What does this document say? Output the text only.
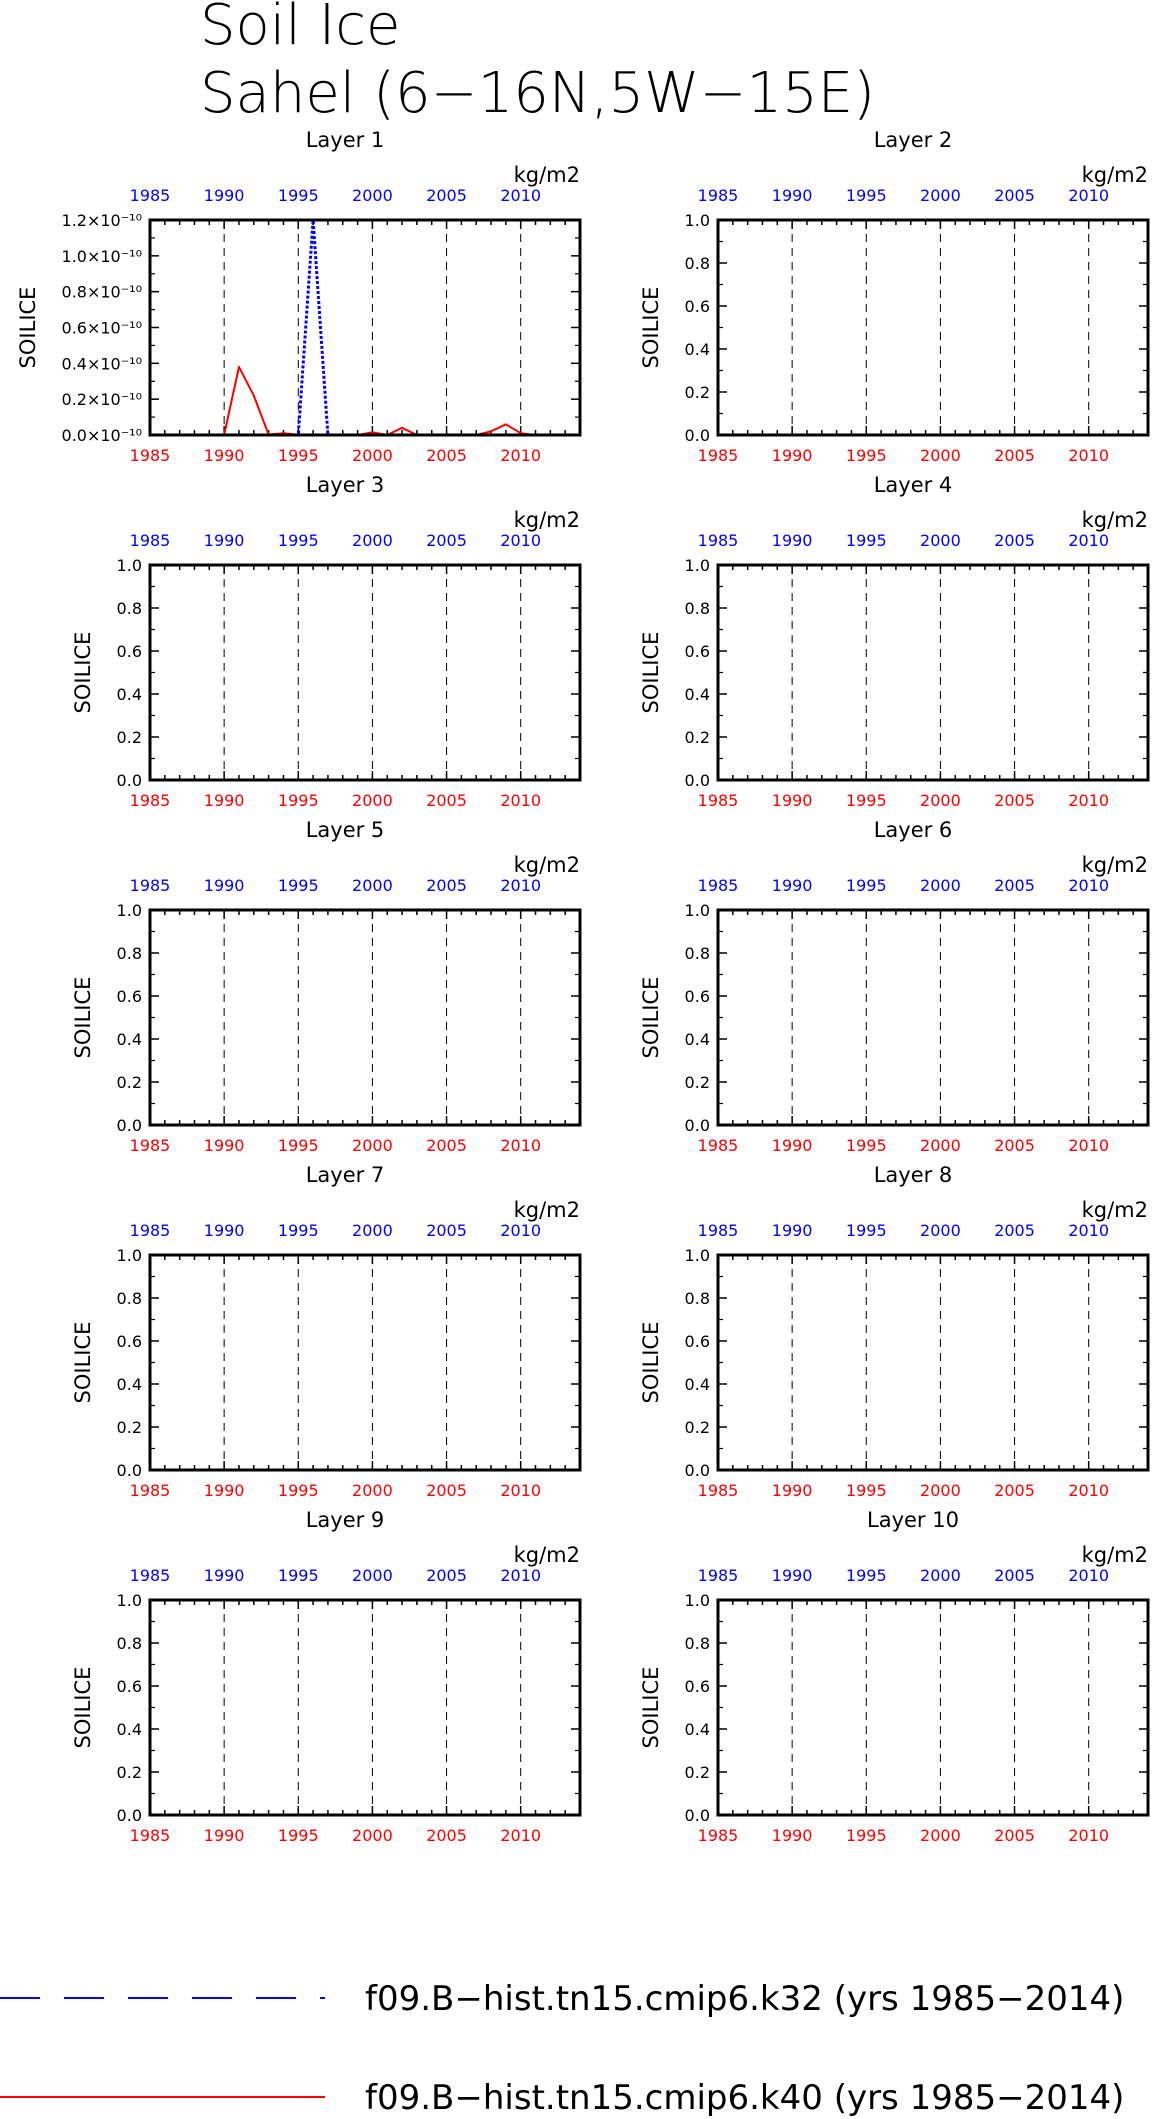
Soil Ice
Sahel (6−16N,5W−15E)
Layer 1
kg/m2
1985
1985
1990
1990
1995
1995
2000
2000
2005
2005
2010
2010
0.0×10⁻¹⁰
0.2×10⁻¹⁰
0.4×10⁻¹⁰
0.6×10⁻¹⁰
0.8×10⁻¹⁰
1.0×10⁻¹⁰
1.2×10⁻¹⁰
SOILICE
Layer 2
kg/m2
1985
1985
1990
1990
1995
1995
2000
2000
2005
2005
2010
2010
0.0
0.2
0.4
0.6
0.8
1.0
SOILICE
Layer 3
kg/m2
1985
1985
1990
1990
1995
1995
2000
2000
2005
2005
2010
2010
0.0
0.2
0.4
0.6
0.8
1.0
SOILICE
Layer 4
kg/m2
1985
1985
1990
1990
1995
1995
2000
2000
2005
2005
2010
2010
0.0
0.2
0.4
0.6
0.8
1.0
SOILICE
Layer 5
kg/m2
1985
1985
1990
1990
1995
1995
2000
2000
2005
2005
2010
2010
0.0
0.2
0.4
0.6
0.8
1.0
SOILICE
Layer 6
kg/m2
1985
1985
1990
1990
1995
1995
2000
2000
2005
2005
2010
2010
0.0
0.2
0.4
0.6
0.8
1.0
SOILICE
Layer 7
kg/m2
1985
1985
1990
1990
1995
1995
2000
2000
2005
2005
2010
2010
0.0
0.2
0.4
0.6
0.8
1.0
SOILICE
Layer 8
kg/m2
1985
1985
1990
1990
1995
1995
2000
2000
2005
2005
2010
2010
0.0
0.2
0.4
0.6
0.8
1.0
SOILICE
Layer 9
kg/m2
1985
1985
1990
1990
1995
1995
2000
2000
2005
2005
2010
2010
0.0
0.2
0.4
0.6
0.8
1.0
SOILICE
Layer 10
kg/m2
1985
1985
1990
1990
1995
1995
2000
2000
2005
2005
2010
2010
0.0
0.2
0.4
0.6
0.8
1.0
SOILICE
f09.B−hist.tn15.cmip6.k32 (yrs 1985−2014)
f09.B−hist.tn15.cmip6.k40 (yrs 1985−2014)
